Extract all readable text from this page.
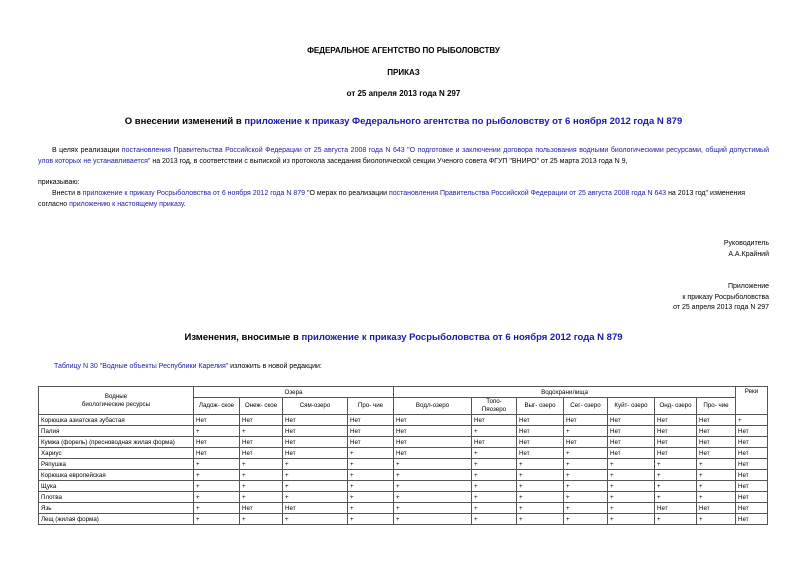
ФЕДЕРАЛЬНОЕ АГЕНТСТВО ПО РЫБОЛОВСТВУ
ПРИКАЗ
от 25 апреля 2013 года N 297
О внесении изменений в приложение к приказу Федерального агентства по рыболовству от 6 ноября 2012 года N 879
В целях реализации постановления Правительства Российской Федерации от 25 августа 2008 года N 643 "О подготовке и заключении договора пользования водными биологическими ресурсами, общий допустимый улов которых не устанавливается" на 2013 год, в соответствии с выпиской из протокола заседания биологической секции Ученого совета ФГУП "ВНИРО" от 25 марта 2013 года N 9,
приказываю:
Внести в приложение к приказу Росрыболовства от 6 ноября 2012 года N 879 "О мерах по реализации постановления Правительства Российской Федерации от 25 августа 2008 года N 643 на 2013 год" изменения согласно приложению к настоящему приказу.
Руководитель
А.А.Крайний
Приложение
к приказу Росрыболовства
от 25 апреля 2013 года N 297
Изменения, вносимые в приложение к приказу Росрыболовства от 6 ноября 2012 года N 879
Таблицу N 30 "Водные объекты Республики Карелия" изложить в новой редакции:
Водные
биологические ресурсы	Озера				Водохранилища							Реки
	Ладож- ское	Онеж- ское	Сям-озеро	Про- чие	Водл-озеро	Топо- Пяозеро	Выг- озеро	Сег- озеро	Куйт- озеро	Онд- озеро	Про- чие	
Корюшка азиатская зубастая	Нет	Нет	Нет	Нет	Нет	Нет	Нет	Нет	Нет	Нет	Нет	+
Палия	+	+	Нет	Нет	Нет	+	Нет	+	Нет	Нет	Нет	Нет
Кумжа (форель) (пресноводная жилая форма)	Нет	Нет	Нет	Нет	Нет	Нет	Нет	Нет	Нет	Нет	Нет	Нет
Хариус	Нет	Нет	Нет	+	Нет	+	Нет	+	Нет	Нет	Нет	Нет
Ряпушка	+	+	+	+	+	+	+	+	+	+	+	Нет
Корюшка европейская	+	+	+	+	+	+	+	+	+	+	+	Нет
Щука	+	+	+	+	+	+	+	+	+	+	+	Нет
Плотва	+	+	+	+	+	+	+	+	+	+	+	Нет
Язь	+	Нет	Нет	+	+	+	+	+	+	Нет	Нет	Нет
Лещ (жилая форма)	+	+	+	+	+	+	+	+	+	+	+	Нет
